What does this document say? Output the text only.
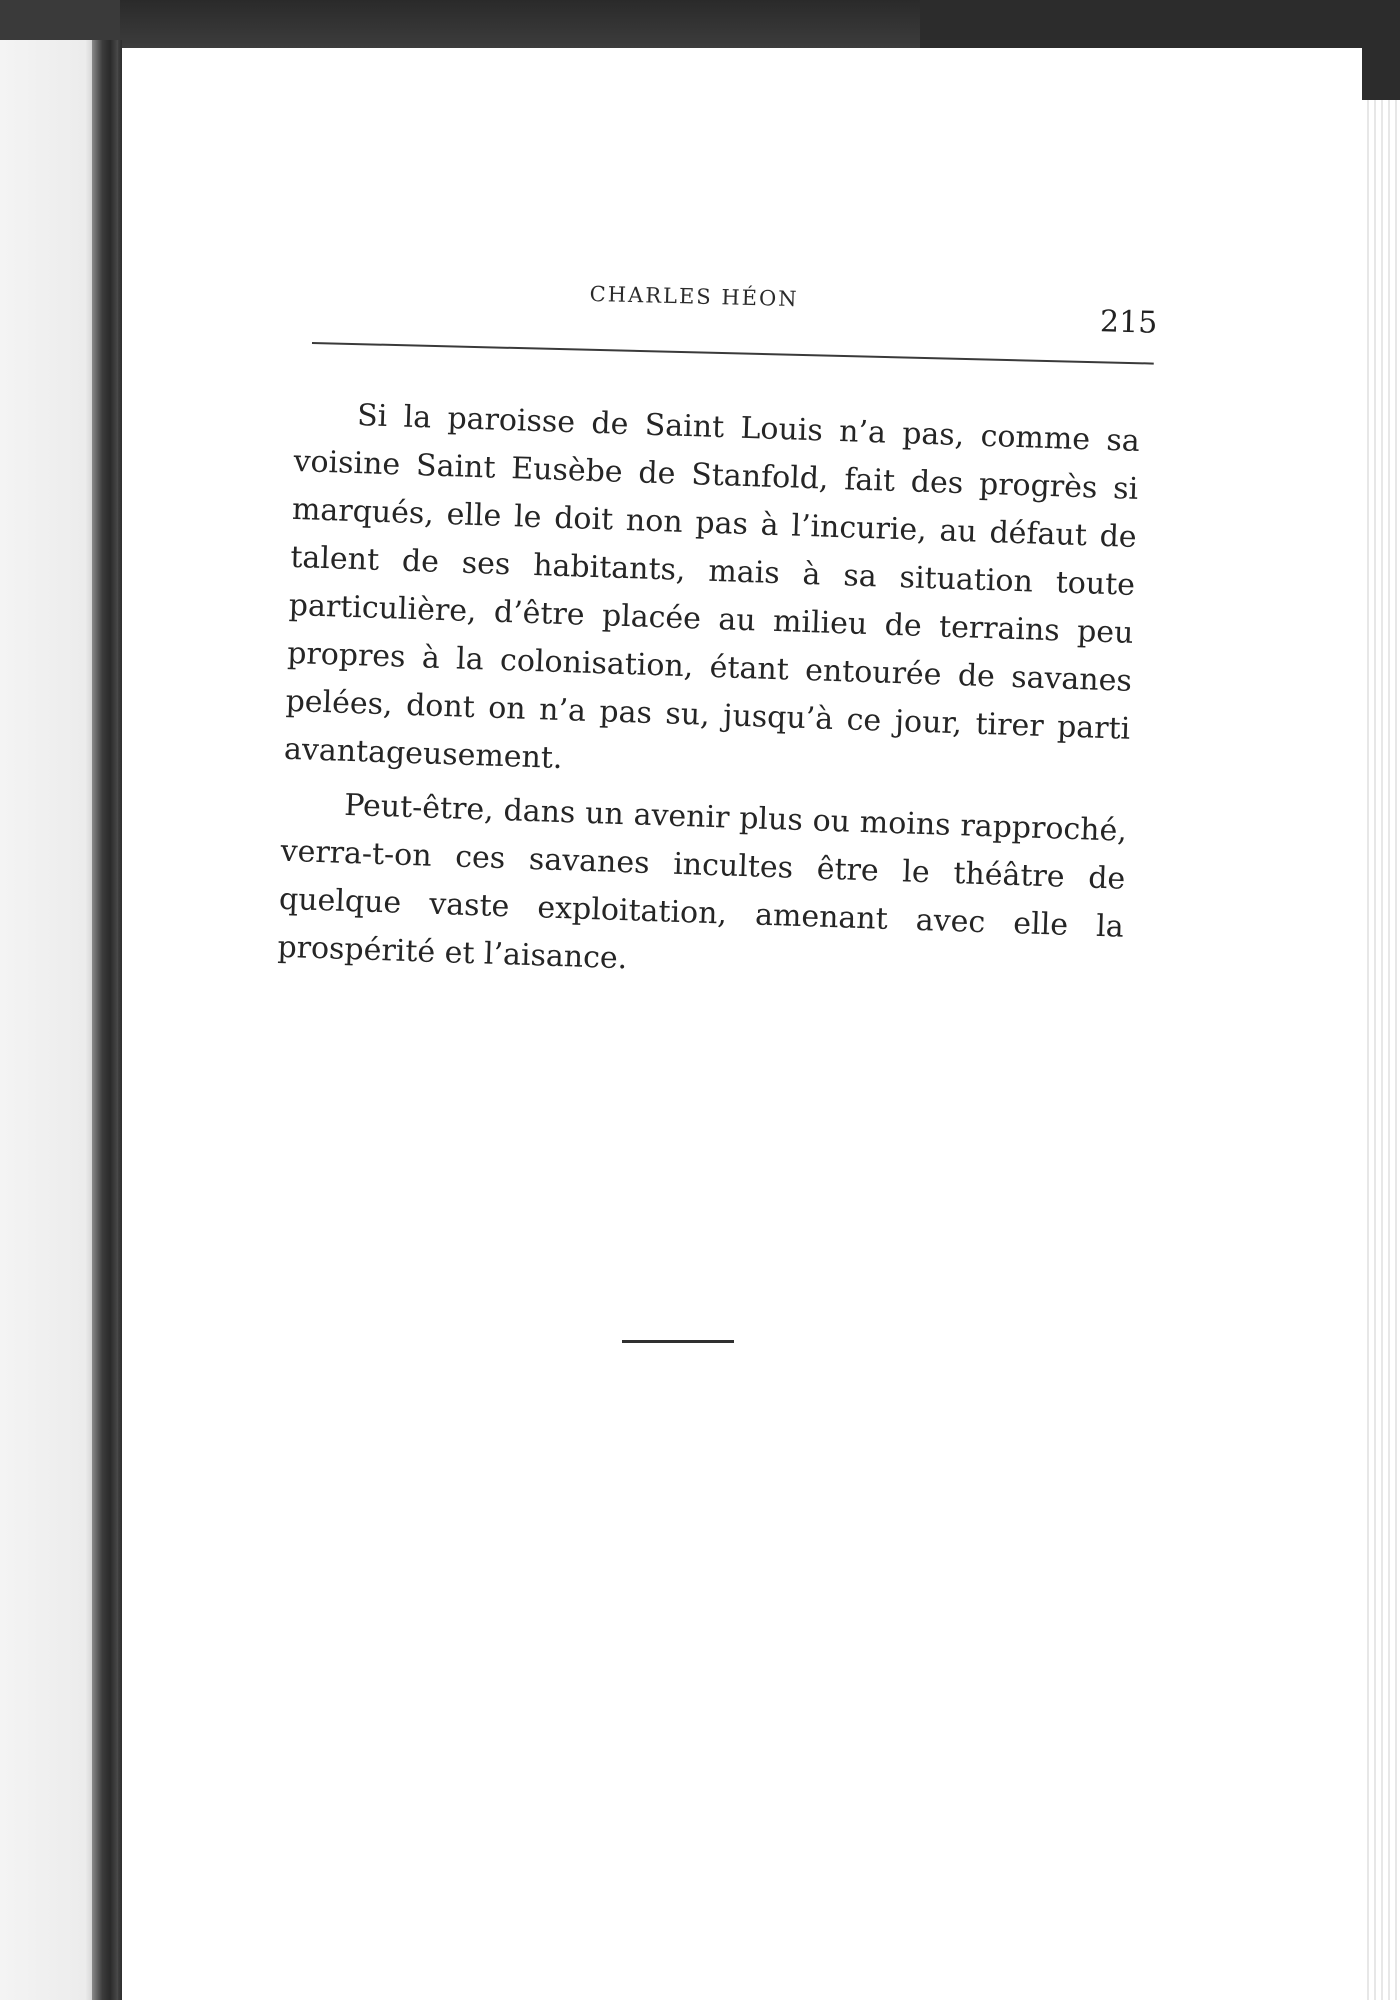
CHARLES HÉON
215

Si la paroisse de Saint Louis n’a pas, comme sa voisine Saint Eusèbe de Stanfold, fait des progrès si marqués, elle le doit non pas à l’incurie, au défaut de talent de ses habitants, mais à sa situation toute particulière, d’être placée au milieu de terrains peu propres à la colonisation, étant entourée de savanes pelées, dont on n’a pas su, jusqu’à ce jour, tirer parti avantageusement.

Peut-être, dans un avenir plus ou moins rapproché, verra-t-on ces savanes incultes être le théâtre de quelque vaste exploitation, amenant avec elle la prospérité et l’aisance.
